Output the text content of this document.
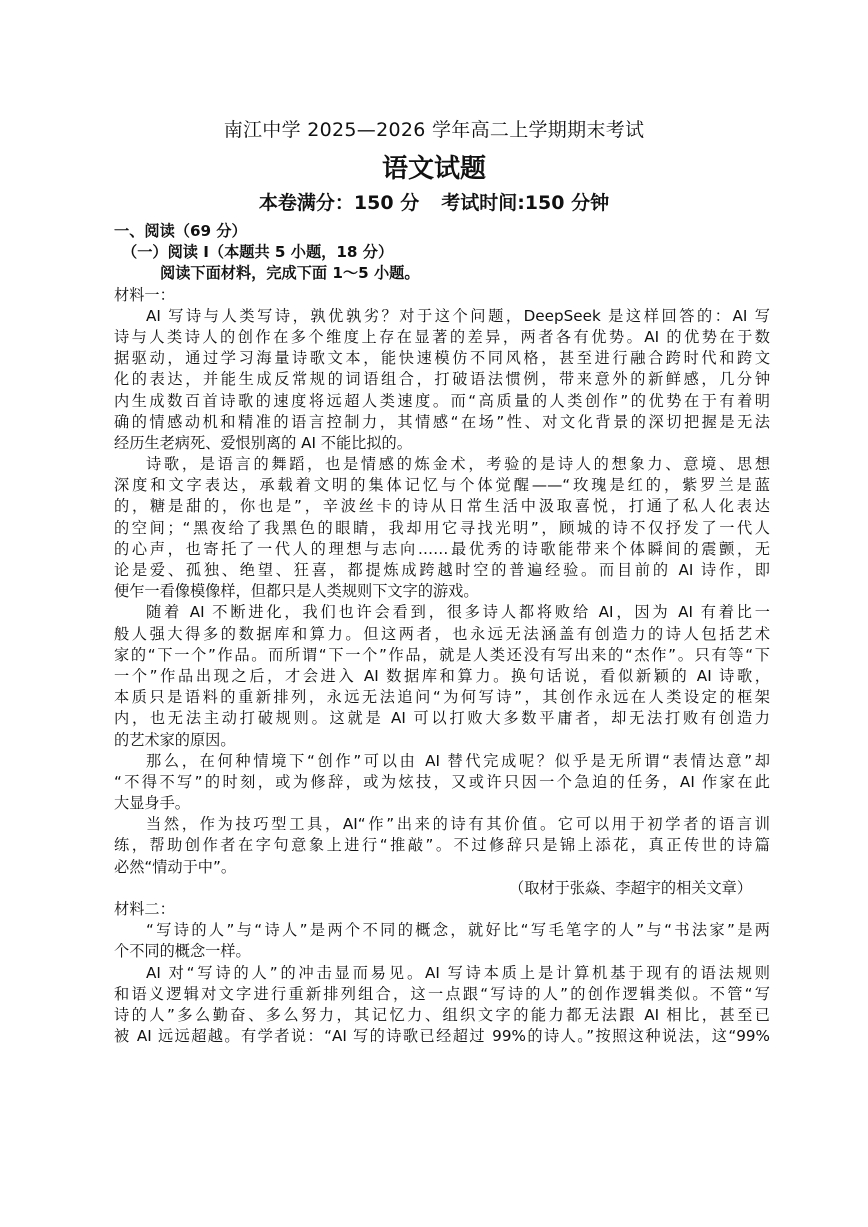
南江中学 2025—2026 学年高二上学期期末考试
语文试题
本卷满分：150 分 考试时间:150 分钟
一、阅读（69 分）
（一）阅读 I（本题共 5 小题，18 分）
阅读下面材料，完成下面 1～5 小题。
材料一：
AI 写诗与人类写诗，孰优孰劣？对于这个问题，DeepSeek 是这样回答的：AI 写
诗与人类诗人的创作在多个维度上存在显著的差异，两者各有优势。AI 的优势在于数
据驱动，通过学习海量诗歌文本，能快速模仿不同风格，甚至进行融合跨时代和跨文
化的表达，并能生成反常规的词语组合，打破语法惯例，带来意外的新鲜感，几分钟
内生成数百首诗歌的速度将远超人类速度。而“高质量的人类创作”的优势在于有着明
确的情感动机和精准的语言控制力，其情感“在场”性、对文化背景的深切把握是无法
经历生老病死、爱恨别离的 AI 不能比拟的。
诗歌，是语言的舞蹈，也是情感的炼金术，考验的是诗人的想象力、意境、思想
深度和文字表达，承载着文明的集体记忆与个体觉醒——“玫瑰是红的，紫罗兰是蓝
的，糖是甜的，你也是”，辛波丝卡的诗从日常生活中汲取喜悦，打通了私人化表达
的空间；“黑夜给了我黑色的眼睛，我却用它寻找光明”，顾城的诗不仅抒发了一代人
的心声，也寄托了一代人的理想与志向……最优秀的诗歌能带来个体瞬间的震颤，无
论是爱、孤独、绝望、狂喜，都提炼成跨越时空的普遍经验。而目前的 AI 诗作，即
便乍一看像模像样，但都只是人类规则下文字的游戏。
随着 AI 不断进化，我们也许会看到，很多诗人都将败给 AI，因为 AI 有着比一
般人强大得多的数据库和算力。但这两者，也永远无法涵盖有创造力的诗人包括艺术
家的“下一个”作品。而所谓“下一个”作品，就是人类还没有写出来的“杰作”。只有等“下
一个”作品出现之后，才会进入 AI 数据库和算力。换句话说，看似新颖的 AI 诗歌，
本质只是语料的重新排列，永远无法追问“为何写诗”，其创作永远在人类设定的框架
内，也无法主动打破规则。这就是 AI 可以打败大多数平庸者，却无法打败有创造力
的艺术家的原因。
那么，在何种情境下“创作”可以由 AI 替代完成呢？似乎是无所谓“表情达意”却
“不得不写”的时刻，或为修辞，或为炫技，又或许只因一个急迫的任务，AI 作家在此
大显身手。
当然，作为技巧型工具，AI“作”出来的诗有其价值。它可以用于初学者的语言训
练，帮助创作者在字句意象上进行“推敲”。不过修辞只是锦上添花，真正传世的诗篇
必然“情动于中”。
（取材于张焱、李超宇的相关文章）
材料二：
“写诗的人”与“诗人”是两个不同的概念，就好比“写毛笔字的人”与“书法家”是两
个不同的概念一样。
AI 对“写诗的人”的冲击显而易见。AI 写诗本质上是计算机基于现有的语法规则
和语义逻辑对文字进行重新排列组合，这一点跟“写诗的人”的创作逻辑类似。不管“写
诗的人”多么勤奋、多么努力，其记忆力、组织文字的能力都无法跟 AI 相比，甚至已
被 AI 远远超越。有学者说：“AI 写的诗歌已经超过 99%的诗人。”按照这种说法，这“99%
